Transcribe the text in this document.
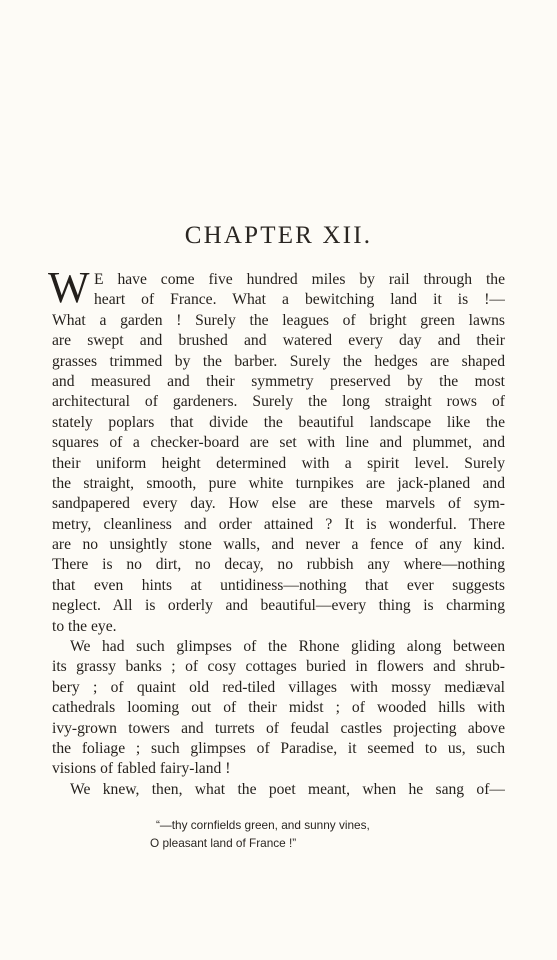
CHAPTER XII.
W E have come five hundred miles by rail through the
heart of France. What a bewitching land it is !—
What a garden ! Surely the leagues of bright green lawns
are swept and brushed and watered every day and their
grasses trimmed by the barber. Surely the hedges are shaped
and measured and their symmetry preserved by the most
architectural of gardeners. Surely the long straight rows of
stately poplars that divide the beautiful landscape like the
squares of a checker-board are set with line and plummet, and
their uniform height determined with a spirit level. Surely
the straight, smooth, pure white turnpikes are jack-planed and
sandpapered every day. How else are these marvels of sym-
metry, cleanliness and order attained ? It is wonderful. There
are no unsightly stone walls, and never a fence of any kind.
There is no dirt, no decay, no rubbish any where—nothing
that even hints at untidiness—nothing that ever suggests
neglect. All is orderly and beautiful—every thing is charming
to the eye.
We had such glimpses of the Rhone gliding along between
its grassy banks ; of cosy cottages buried in flowers and shrub-
bery ; of quaint old red-tiled villages with mossy mediæval
cathedrals looming out of their midst ; of wooded hills with
ivy-grown towers and turrets of feudal castles projecting above
the foliage ; such glimpses of Paradise, it seemed to us, such
visions of fabled fairy-land !
We knew, then, what the poet meant, when he sang of—
“—thy cornfields green, and sunny vines,
O pleasant land of France !”
